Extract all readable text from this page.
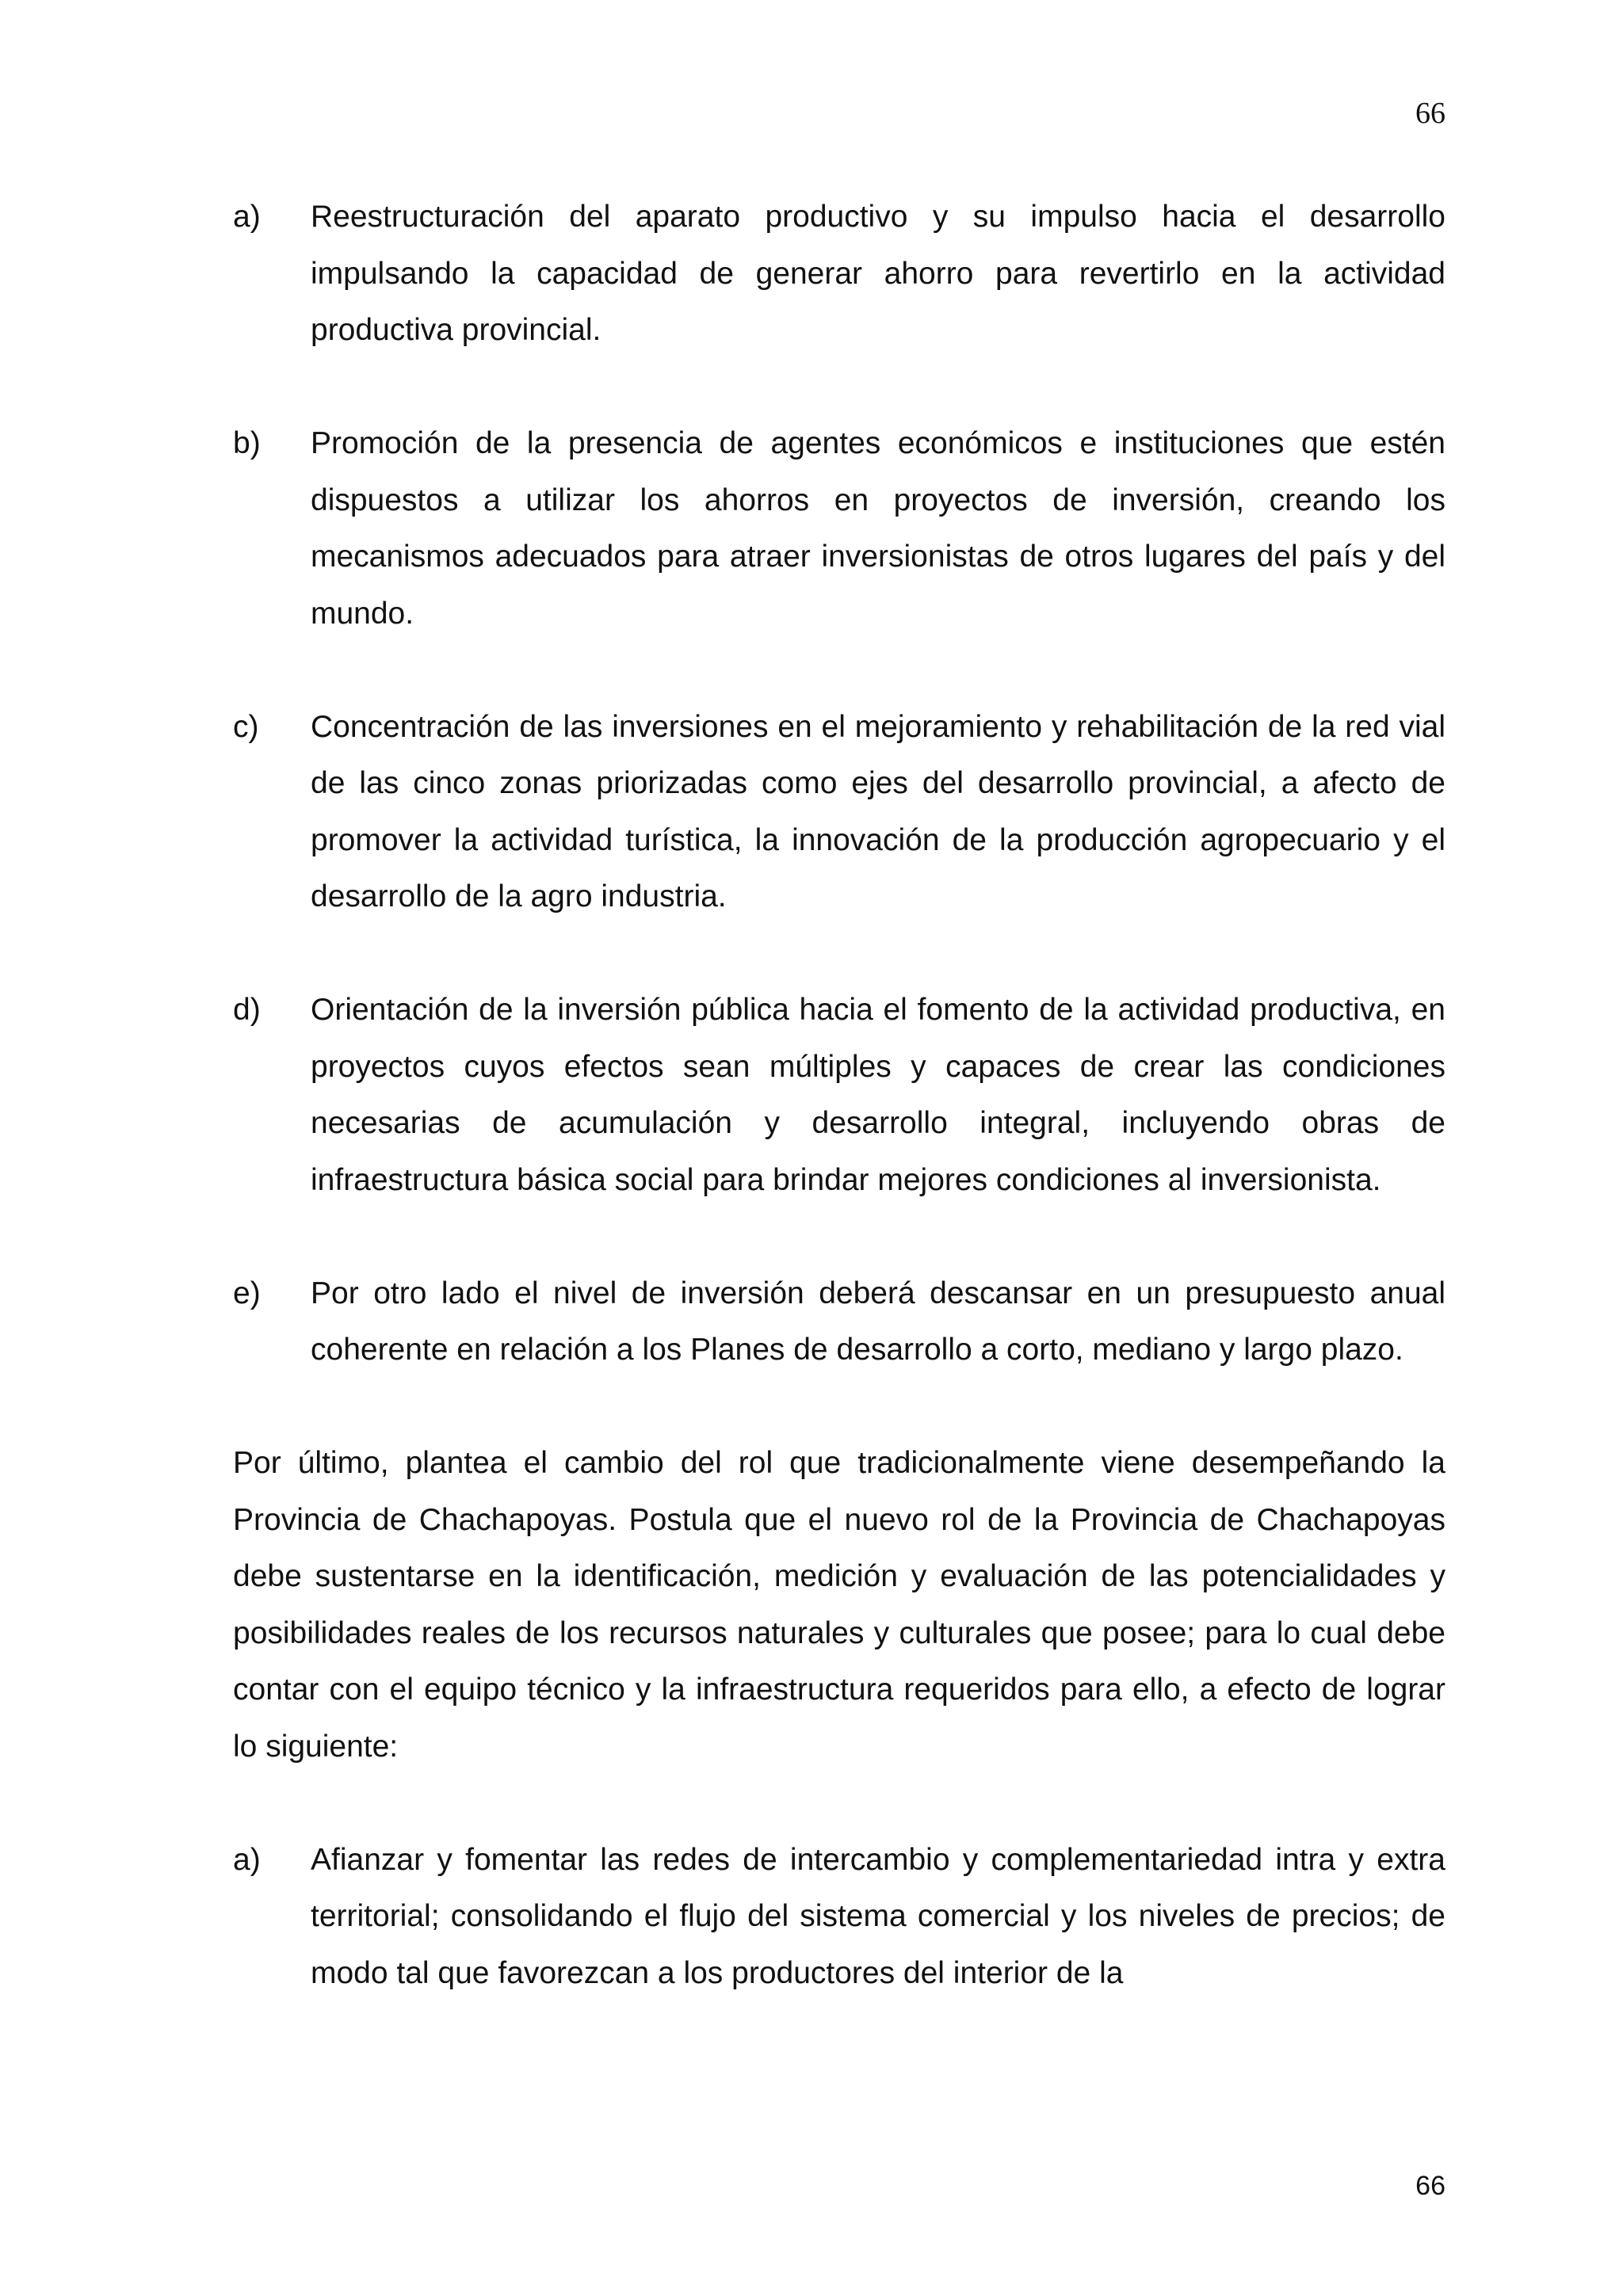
66
a)	Reestructuración del aparato productivo y su impulso hacia el desarrollo impulsando la capacidad de generar ahorro para revertirlo en la actividad productiva provincial.
b)	Promoción de la presencia de agentes económicos e instituciones que estén dispuestos a utilizar los ahorros en proyectos de inversión, creando los mecanismos adecuados para atraer inversionistas de otros lugares del país y del mundo.
c)	Concentración de las inversiones en el mejoramiento y rehabilitación de la red vial de las cinco zonas priorizadas como ejes del desarrollo provincial, a afecto de promover la actividad turística, la innovación de la producción agropecuario y el desarrollo de la agro industria.
d)	Orientación de la inversión pública hacia el fomento de la actividad productiva, en proyectos cuyos efectos sean múltiples y capaces de crear las condiciones necesarias de acumulación y desarrollo integral, incluyendo obras de infraestructura básica social para brindar mejores condiciones al inversionista.
e)	Por otro lado el nivel de inversión deberá descansar en un presupuesto anual coherente en relación a los Planes de desarrollo a corto, mediano y largo plazo.

Por último, plantea el cambio del rol que tradicionalmente viene desempeñando la Provincia de Chachapoyas. Postula que el nuevo rol de la Provincia de Chachapoyas debe sustentarse en la identificación, medición y evaluación de las potencialidades y posibilidades reales de los recursos naturales y culturales que posee; para lo cual debe contar con el equipo técnico y la infraestructura requeridos para ello, a efecto de lograr lo siguiente:

a)	Afianzar y fomentar las redes de intercambio y complementariedad intra y extra territorial; consolidando el flujo del sistema comercial y los niveles de precios; de modo tal que favorezcan a los productores del interior de la
66
